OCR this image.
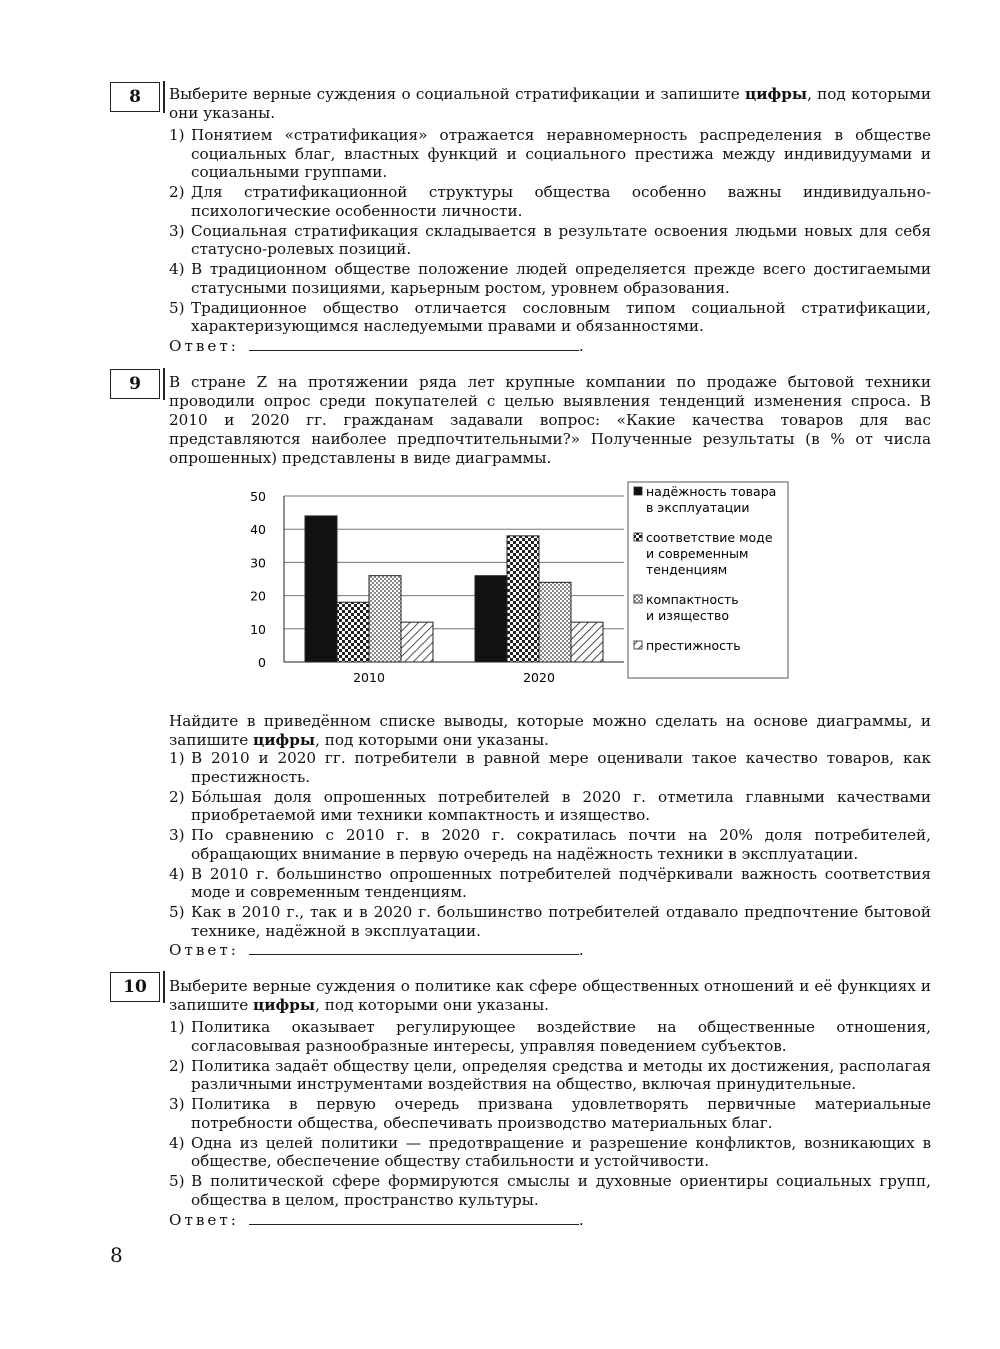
8	Выберите верные суждения о социальной стратификации и запишите цифры, под которыми они указаны.
1) Понятием «стратификация» отражается неравномерность распределения в обществе социальных благ, властных функций и социального престижа между индивидуумами и социальными группами.
2) Для стратификационной структуры общества особенно важны индивидуально-психологические особенности личности.
3) Социальная стратификация складывается в результате освоения людьми новых для себя статусно-ролевых позиций.
4) В традиционном обществе положение людей определяется прежде всего достигаемыми статусными позициями, карьерным ростом, уровнем образования.
5) Традиционное общество отличается сословным типом социальной стратификации, характеризующимся наследуемыми правами и обязанностями.
Ответ:	.
9	В стране Z на протяжении ряда лет крупные компании по продаже бытовой техники проводили опрос среди покупателей с целью выявления тенденций изменения спроса. В 2010 и 2020 гг. гражданам задавали вопрос: «Какие качества товаров для вас представляются наиболее предпочтительными?» Полученные результаты (в % от числа опрошенных) представлены в виде диаграммы.
0
10
20
30
40
50
2010	2020
надёжность товара
в эксплуатации
соответствие моде
и современным
тенденциям
компактность
и изящество
престижность
Найдите в приведённом списке выводы, которые можно сделать на основе диаграммы, и запишите цифры, под которыми они указаны.
1) В 2010 и 2020 гг. потребители в равной мере оценивали такое качество товаров, как престижность.
2) Бо́льшая доля опрошенных потребителей в 2020 г. отметила главными качествами приобретаемой ими техники компактность и изящество.
3) По сравнению с 2010 г. в 2020 г. сократилась почти на 20% доля потребителей, обращающих внимание в первую очередь на надёжность техники в эксплуатации.
4) В 2010 г. большинство опрошенных потребителей подчёркивали важность соответствия моде и современным тенденциям.
5) Как в 2010 г., так и в 2020 г. большинство потребителей отдавало предпочтение бытовой технике, надёжной в эксплуатации.
Ответ:	.
10	Выберите верные суждения о политике как сфере общественных отношений и её функциях и запишите цифры, под которыми они указаны.
1) Политика оказывает регулирующее воздействие на общественные отношения, согласовывая разнообразные интересы, управляя поведением субъектов.
2) Политика задаёт обществу цели, определяя средства и методы их достижения, располагая различными инструментами воздействия на общество, включая принудительные.
3) Политика в первую очередь призвана удовлетворять первичные материальные потребности общества, обеспечивать производство материальных благ.
4) Одна из целей политики — предотвращение и разрешение конфликтов, возникающих в обществе, обеспечение обществу стабильности и устойчивости.
5) В политической сфере формируются смыслы и духовные ориентиры социальных групп, общества в целом, пространство культуры.
Ответ:	.
8
